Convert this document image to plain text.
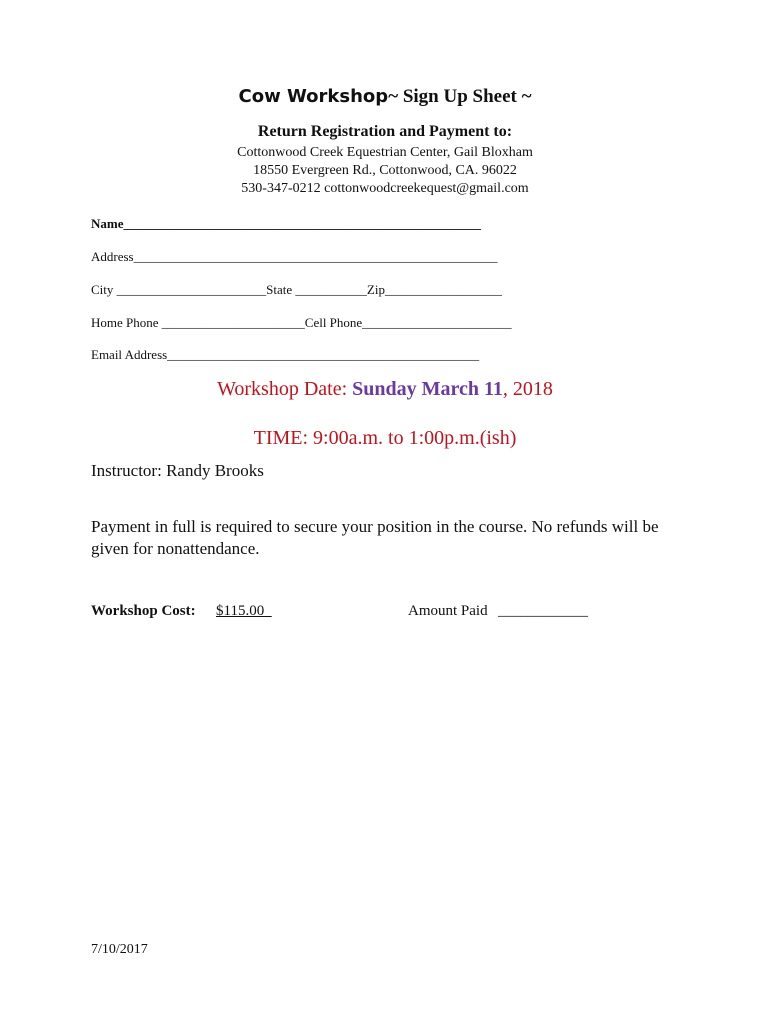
Cow Workshop~ Sign Up Sheet ~
Return Registration and Payment to:
Cottonwood Creek Equestrian Center, Gail Bloxham
18550 Evergreen Rd., Cottonwood, CA. 96022
530-347-0212 cottonwoodcreekequest@gmail.com
Name_______________________________________________________
Address________________________________________________________
City _______________________State ___________Zip__________________
Home Phone ______________________Cell Phone_______________________
Email Address________________________________________________
Workshop Date: Sunday March 11, 2018
TIME: 9:00a.m. to 1:00p.m.(ish)
Instructor: Randy Brooks
Payment in full is required to secure your position in the course. No refunds will be given for nonattendance.
Workshop Cost: $115.00	Amount Paid ____________
7/10/2017
